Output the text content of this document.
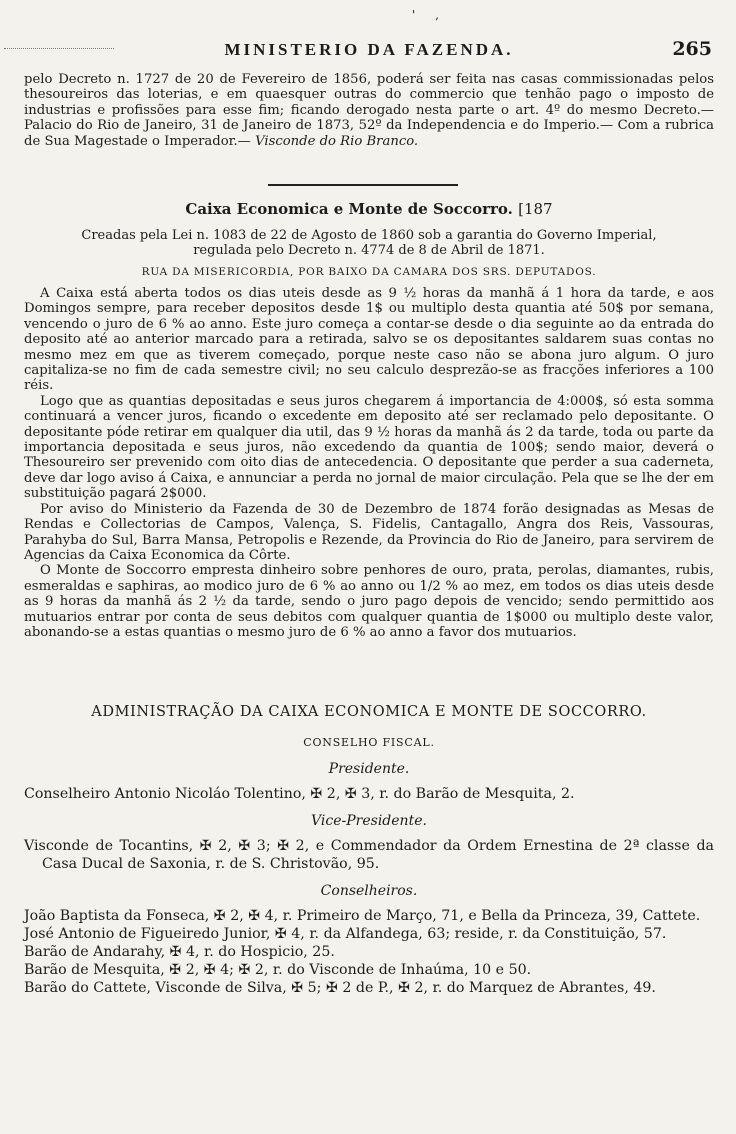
' ,
MINISTERIO DA FAZENDA.	265

pelo Decreto n. 1727 de 20 de Fevereiro de 1856, poderá ser feita nas casas commissionadas pelos thesoureiros das loterias, e em quaesquer outras do commercio que tenhão pago o imposto de industrias e profissões para esse fim; ficando derogado nesta parte o art. 4º do mesmo Decreto.— Palacio do Rio de Janeiro, 31 de Janeiro de 1873, 52º da Independencia e do Imperio.— Com a rubrica de Sua Magestade o Imperador.— Visconde do Rio Branco.

Caixa Economica e Monte de Soccorro. [187

Creadas pela Lei n. 1083 de 22 de Agosto de 1860 sob a garantia do Governo Imperial, regulada pelo Decreto n. 4774 de 8 de Abril de 1871.

RUA DA MISERICORDIA, POR BAIXO DA CAMARA DOS SRS. DEPUTADOS.

A Caixa está aberta todos os dias uteis desde as 9 ½ horas da manhã á 1 hora da tarde, e aos Domingos sempre, para receber depositos desde 1$ ou multiplo desta quantia até 50$ por semana, vencendo o juro de 6 % ao anno. Este juro começa a contar-se desde o dia seguinte ao da entrada do deposito até ao anterior marcado para a retirada, salvo se os depositantes saldarem suas contas no mesmo mez em que as tiverem começado, porque neste caso não se abona juro algum. O juro capitaliza-se no fim de cada semestre civil; no seu calculo desprezão-se as fracções inferiores a 100 réis.

Logo que as quantias depositadas e seus juros chegarem á importancia de 4:000$, só esta somma continuará a vencer juros, ficando o excedente em deposito até ser reclamado pelo depositante. O depositante póde retirar em qualquer dia util, das 9 ½ horas da manhã ás 2 da tarde, toda ou parte da importancia depositada e seus juros, não excedendo da quantia de 100$; sendo maior, deverá o Thesoureiro ser prevenido com oito dias de antecedencia. O depositante que perder a sua caderneta, deve dar logo aviso á Caixa, e annunciar a perda no jornal de maior circulação. Pela que se lhe der em substituição pagará 2$000.

Por aviso do Ministerio da Fazenda de 30 de Dezembro de 1874 forão designadas as Mesas de Rendas e Collectorias de Campos, Valença, S. Fidelis, Cantagallo, Angra dos Reis, Vassouras, Parahyba do Sul, Barra Mansa, Petropolis e Rezende, da Provincia do Rio de Janeiro, para servirem de Agencias da Caixa Economica da Côrte.

O Monte de Soccorro empresta dinheiro sobre penhores de ouro, prata, perolas, diamantes, rubis, esmeraldas e saphiras, ao modico juro de 6 % ao anno ou 1/2 % ao mez, em todos os dias uteis desde as 9 horas da manhã ás 2 ½ da tarde, sendo o juro pago depois de vencido; sendo permittido aos mutuarios entrar por conta de seus debitos com qualquer quantia de 1$000 ou multiplo deste valor, abonando-se a estas quantias o mesmo juro de 6 % ao anno a favor dos mutuarios.

ADMINISTRAÇÃO DA CAIXA ECONOMICA E MONTE DE SOCCORRO.

CONSELHO FISCAL.

Presidente.

Conselheiro Antonio Nicoláo Tolentino, ✠ 2, ✠ 3, r. do Barão de Mesquita, 2.

Vice-Presidente.

Visconde de Tocantins, ✠ 2, ✠ 3; ✠ 2, e Commendador da Ordem Ernestina de 2ª classe da Casa Ducal de Saxonia, r. de S. Christovão, 95.

Conselheiros.

João Baptista da Fonseca, ✠ 2, ✠ 4, r. Primeiro de Março, 71, e Bella da Princeza, 39, Cattete.

José Antonio de Figueiredo Junior, ✠ 4, r. da Alfandega, 63; reside, r. da Constituição, 57.

Barão de Andarahy, ✠ 4, r. do Hospicio, 25.

Barão de Mesquita, ✠ 2, ✠ 4; ✠ 2, r. do Visconde de Inhaúma, 10 e 50.

Barão do Cattete, Visconde de Silva, ✠ 5; ✠ 2 de P., ✠ 2, r. do Marquez de Abrantes, 49.
